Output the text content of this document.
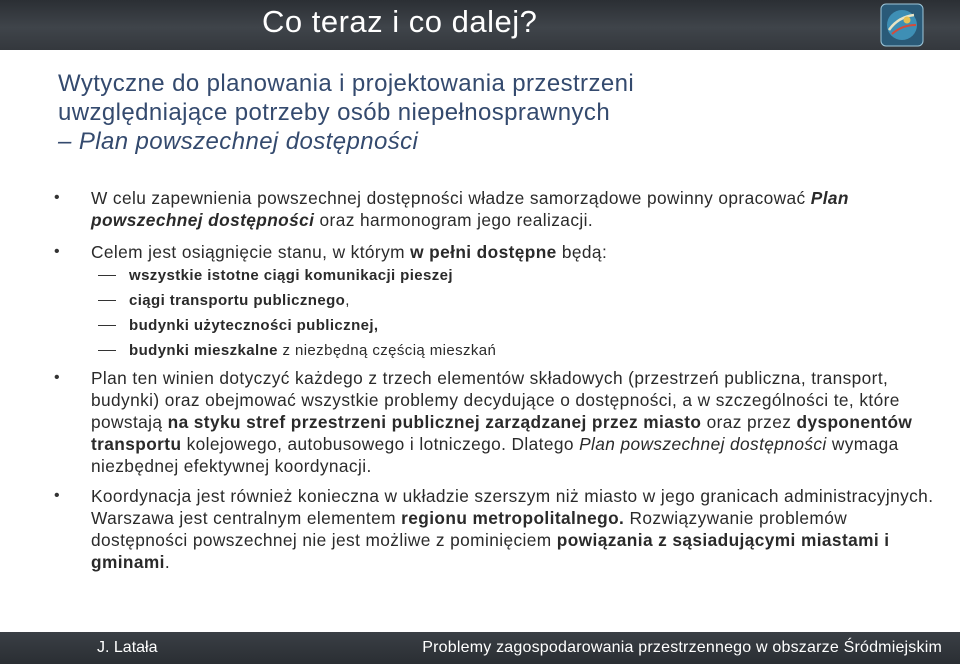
Co teraz i co dalej?
Wytyczne do planowania i projektowania przestrzeni
uwzględniające potrzeby osób niepełnosprawnych
– Plan powszechnej dostępności
• W celu zapewnienia powszechnej dostępności władze samorządowe powinny opracować Plan powszechnej dostępności oraz harmonogram jego realizacji.
• Celem jest osiągnięcie stanu, w którym w pełni dostępne będą:
wszystkie istotne ciągi komunikacji pieszej
ciągi transportu publicznego,
budynki użyteczności publicznej,
budynki mieszkalne z niezbędną częścią mieszkań
• Plan ten winien dotyczyć każdego z trzech elementów składowych (przestrzeń publiczna, transport, budynki) oraz obejmować wszystkie problemy decydujące o dostępności, a w szczególności te, które powstają na styku stref przestrzeni publicznej zarządzanej przez miasto oraz przez dysponentów transportu kolejowego, autobusowego i lotniczego. Dlatego Plan powszechnej dostępności wymaga niezbędnej efektywnej koordynacji.
• Koordynacja jest również konieczna w układzie szerszym niż miasto w jego granicach administracyjnych. Warszawa jest centralnym elementem regionu metropolitalnego. Rozwiązywanie problemów dostępności powszechnej nie jest możliwe z pominięciem powiązania z sąsiadującymi miastami i gminami.
J. Latała	Problemy zagospodarowania przestrzennego w obszarze Śródmiejskim
